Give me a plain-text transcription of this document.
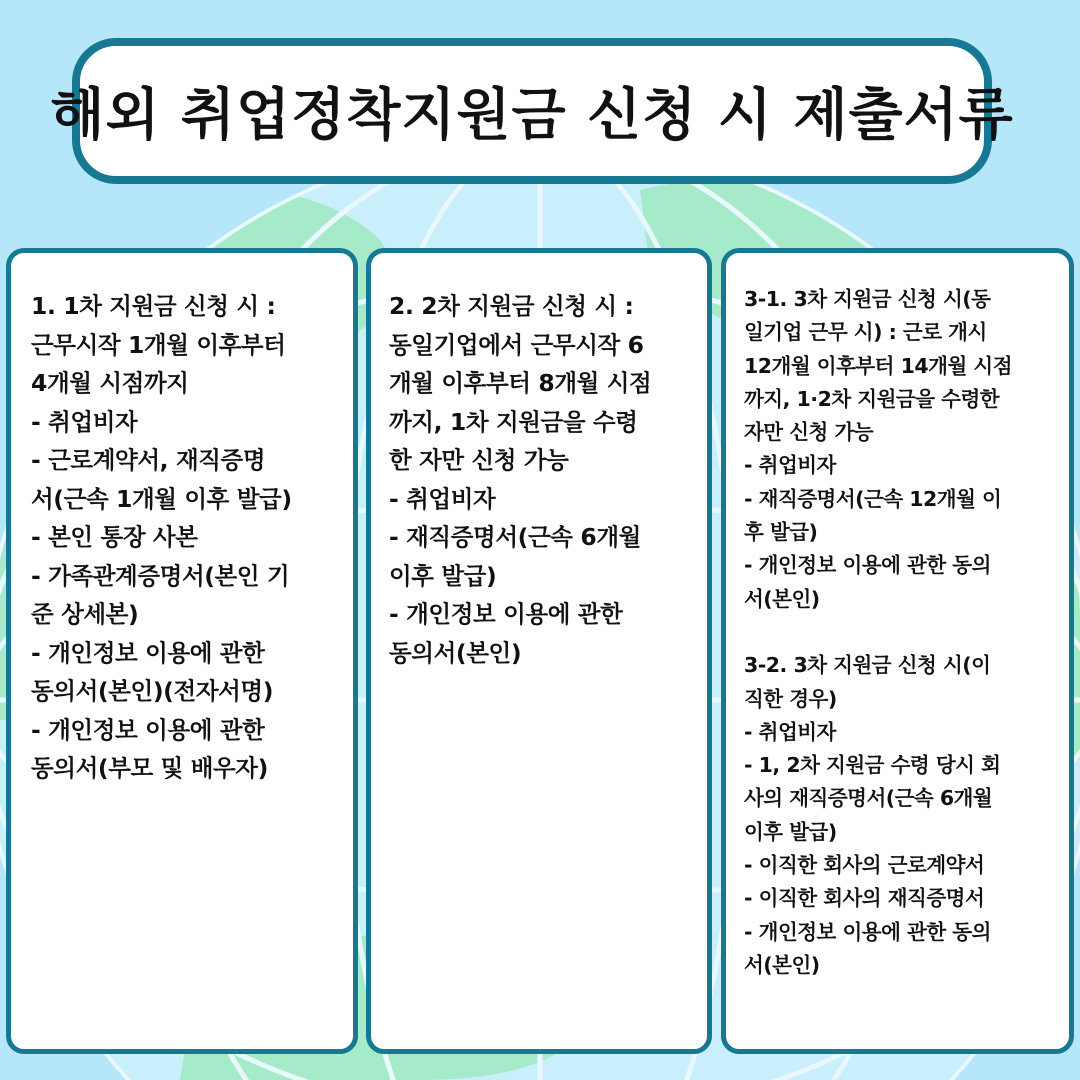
해외 취업정착지원금 신청 시 제출서류

1. 1차 지원금 신청 시 :
근무시작 1개월 이후부터
4개월 시점까지
- 취업비자
- 근로계약서, 재직증명
서(근속 1개월 이후 발급)
- 본인 통장 사본
- 가족관계증명서(본인 기
준 상세본)
- 개인정보 이용에 관한
동의서(본인)(전자서명)
- 개인정보 이용에 관한
동의서(부모 및 배우자)

2. 2차 지원금 신청 시 :
동일기업에서 근무시작 6
개월 이후부터 8개월 시점
까지, 1차 지원금을 수령
한 자만 신청 가능
- 취업비자
- 재직증명서(근속 6개월
이후 발급)
- 개인정보 이용에 관한
동의서(본인)

3-1. 3차 지원금 신청 시(동
일기업 근무 시) : 근로 개시
12개월 이후부터 14개월 시점
까지, 1·2차 지원금을 수령한
자만 신청 가능
- 취업비자
- 재직증명서(근속 12개월 이
후 발급)
- 개인정보 이용에 관한 동의
서(본인)

3-2. 3차 지원금 신청 시(이
직한 경우)
- 취업비자
- 1, 2차 지원금 수령 당시 회
사의 재직증명서(근속 6개월
이후 발급)
- 이직한 회사의 근로계약서
- 이직한 회사의 재직증명서
- 개인정보 이용에 관한 동의
서(본인)
